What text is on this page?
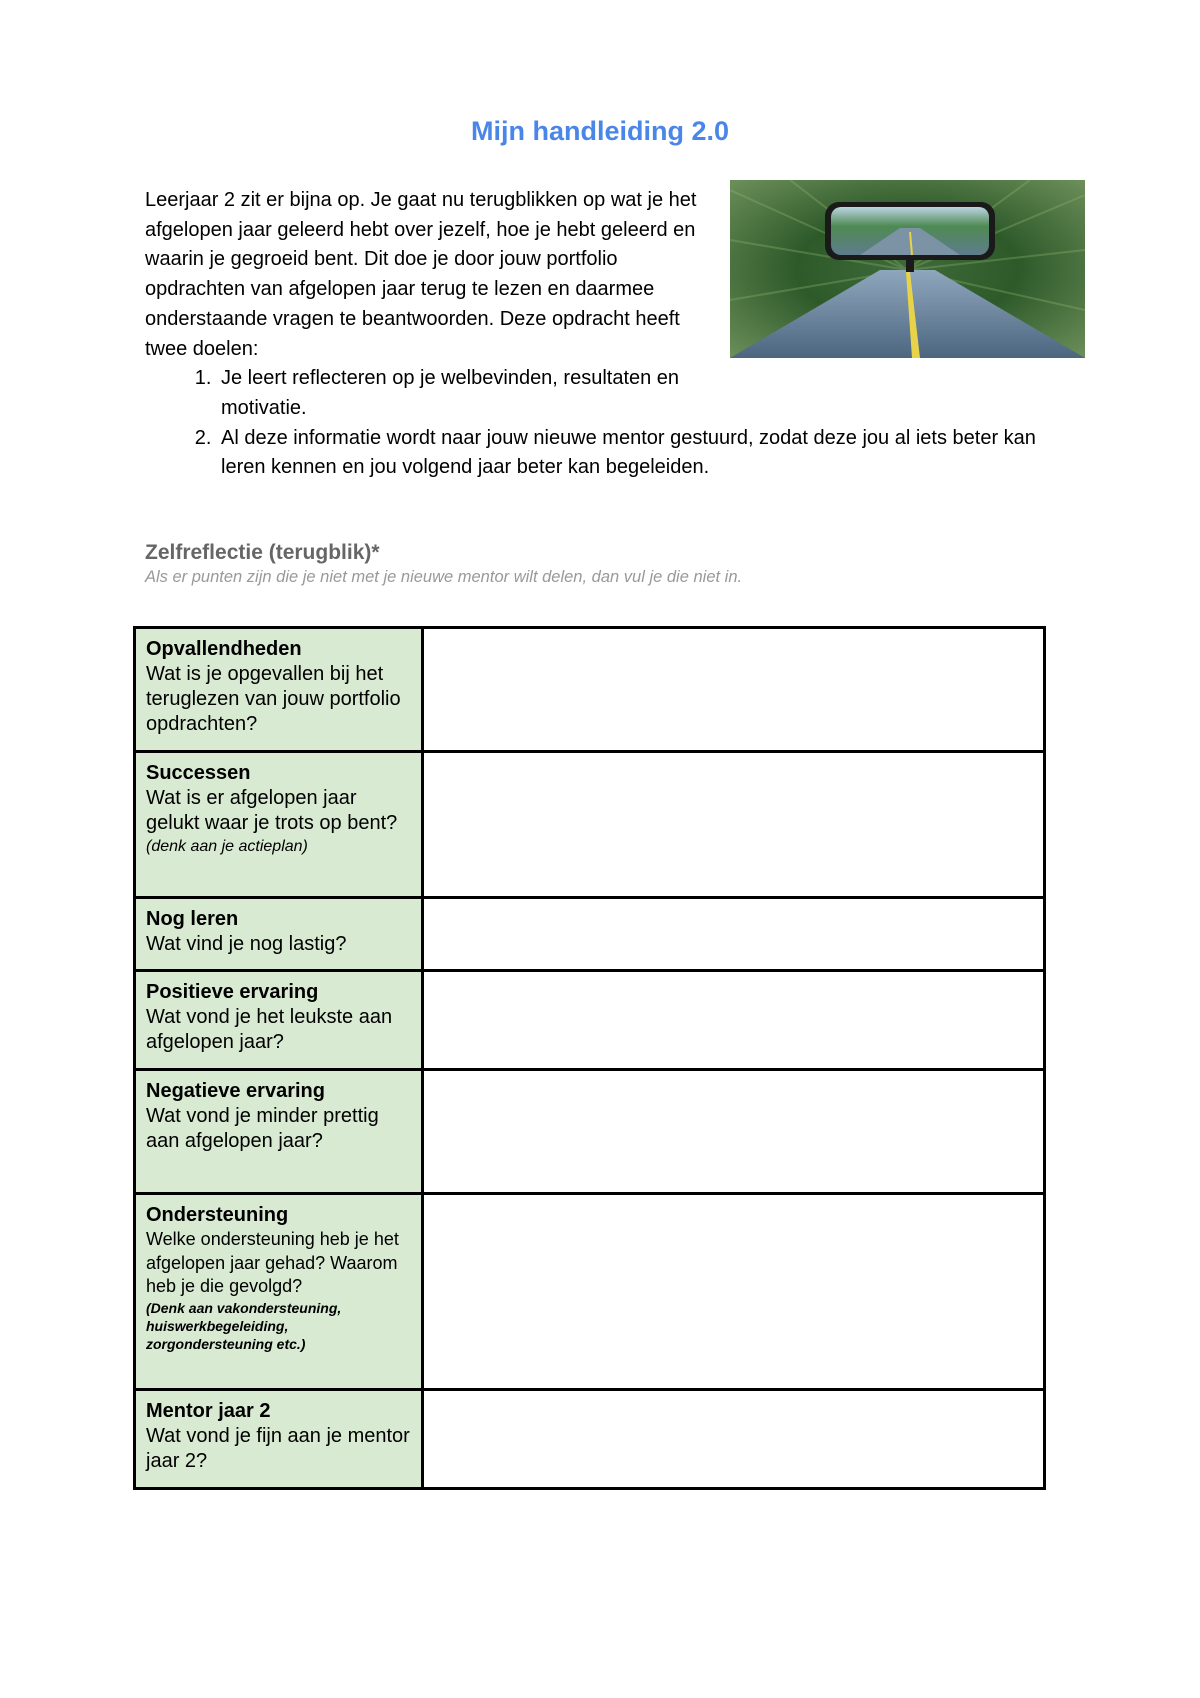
Mijn handleiding 2.0
Leerjaar 2 zit er bijna op. Je gaat nu terugblikken op wat je het afgelopen jaar geleerd hebt over jezelf, hoe je hebt geleerd en waarin je gegroeid bent. Dit doe je door jouw portfolio opdrachten van afgelopen jaar terug te lezen en daarmee onderstaande vragen te beantwoorden. Deze opdracht heeft twee doelen:
1. Je leert reflecteren op je welbevinden, resultaten en motivatie.
2. Al deze informatie wordt naar jouw nieuwe mentor gestuurd, zodat deze jou al iets beter kan leren kennen en jou volgend jaar beter kan begeleiden.
Zelfreflectie (terugblik)*
Als er punten zijn die je niet met je nieuwe mentor wilt delen, dan vul je die niet in.
Opvallendheden
Wat is je opgevallen bij het teruglezen van jouw portfolio opdrachten?	

Successen
Wat is er afgelopen jaar gelukt waar je trots op bent?
(denk aan je actieplan)	

Nog leren
Wat vind je nog lastig?	

Positieve ervaring
Wat vond je het leukste aan afgelopen jaar?	

Negatieve ervaring
Wat vond je minder prettig aan afgelopen jaar?	

Ondersteuning
Welke ondersteuning heb je het afgelopen jaar gehad? Waarom heb je die gevolgd?
(Denk aan vakondersteuning, huiswerkbegeleiding, zorgondersteuning etc.)	

Mentor jaar 2
Wat vond je fijn aan je mentor jaar 2?	
